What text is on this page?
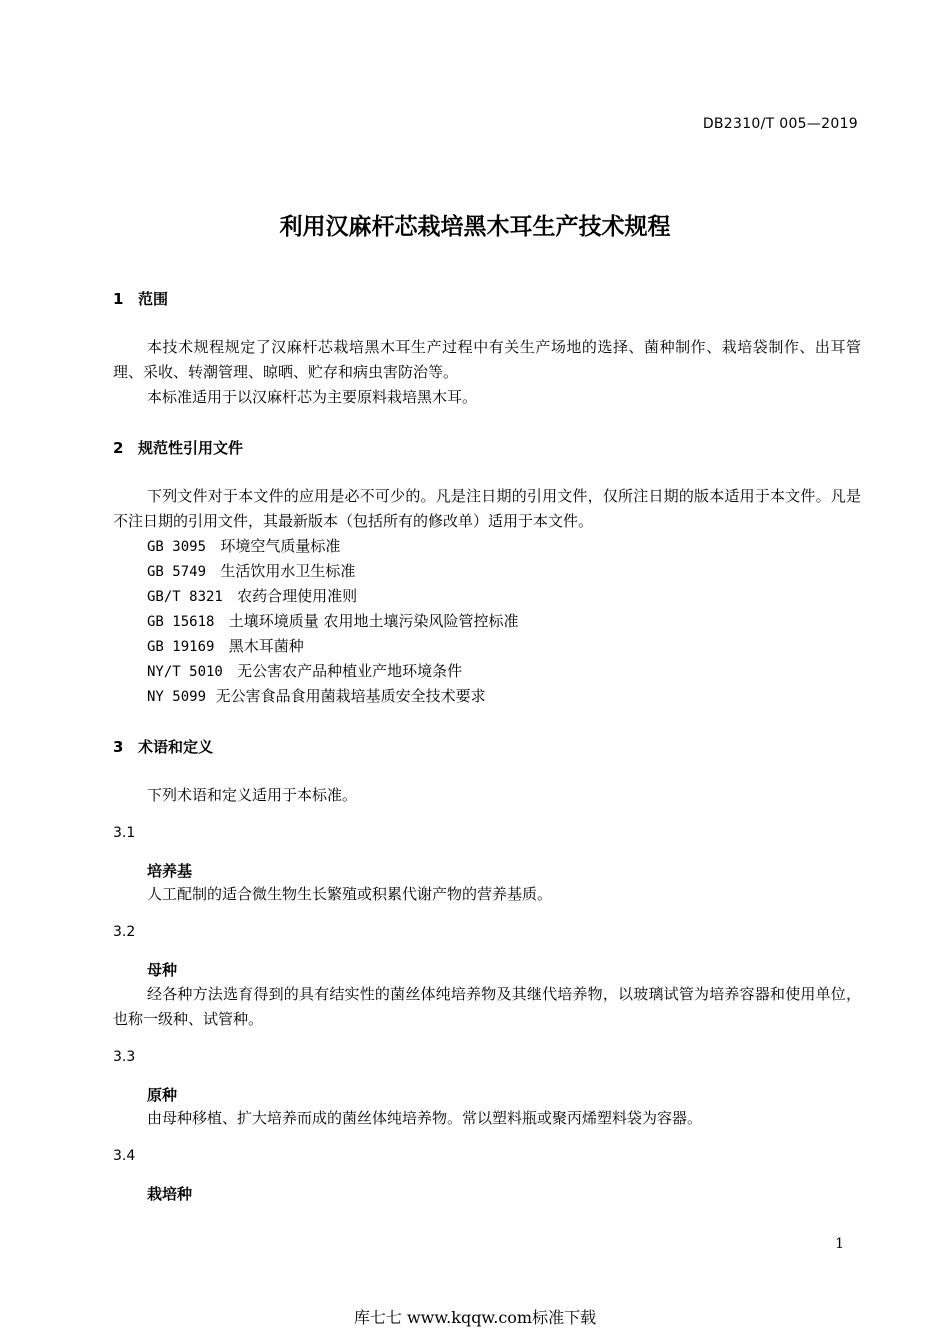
DB2310/T 005—2019
利用汉麻杆芯栽培黑木耳生产技术规程
1 范围
本技术规程规定了汉麻杆芯栽培黑木耳生产过程中有关生产场地的选择、菌种制作、栽培袋制作、出耳管理、采收、转潮管理、晾晒、贮存和病虫害防治等。
本标准适用于以汉麻杆芯为主要原料栽培黑木耳。
2 规范性引用文件
下列文件对于本文件的应用是必不可少的。凡是注日期的引用文件，仅所注日期的版本适用于本文件。凡是不注日期的引用文件，其最新版本（包括所有的修改单）适用于本文件。
GB 3095 环境空气质量标准
GB 5749 生活饮用水卫生标准
GB/T 8321 农药合理使用准则
GB 15618 土壤环境质量 农用地土壤污染风险管控标准
GB 19169 黑木耳菌种
NY/T 5010 无公害农产品种植业产地环境条件
NY 5099 无公害食品食用菌栽培基质安全技术要求
3 术语和定义
下列术语和定义适用于本标准。
3.1
培养基
人工配制的适合微生物生长繁殖或积累代谢产物的营养基质。
3.2
母种
经各种方法选育得到的具有结实性的菌丝体纯培养物及其继代培养物，以玻璃试管为培养容器和使用单位，也称一级种、试管种。
3.3
原种
由母种移植、扩大培养而成的菌丝体纯培养物。常以塑料瓶或聚丙烯塑料袋为容器。
3.4
栽培种
1
库七七 www.kqqw.com标准下载
